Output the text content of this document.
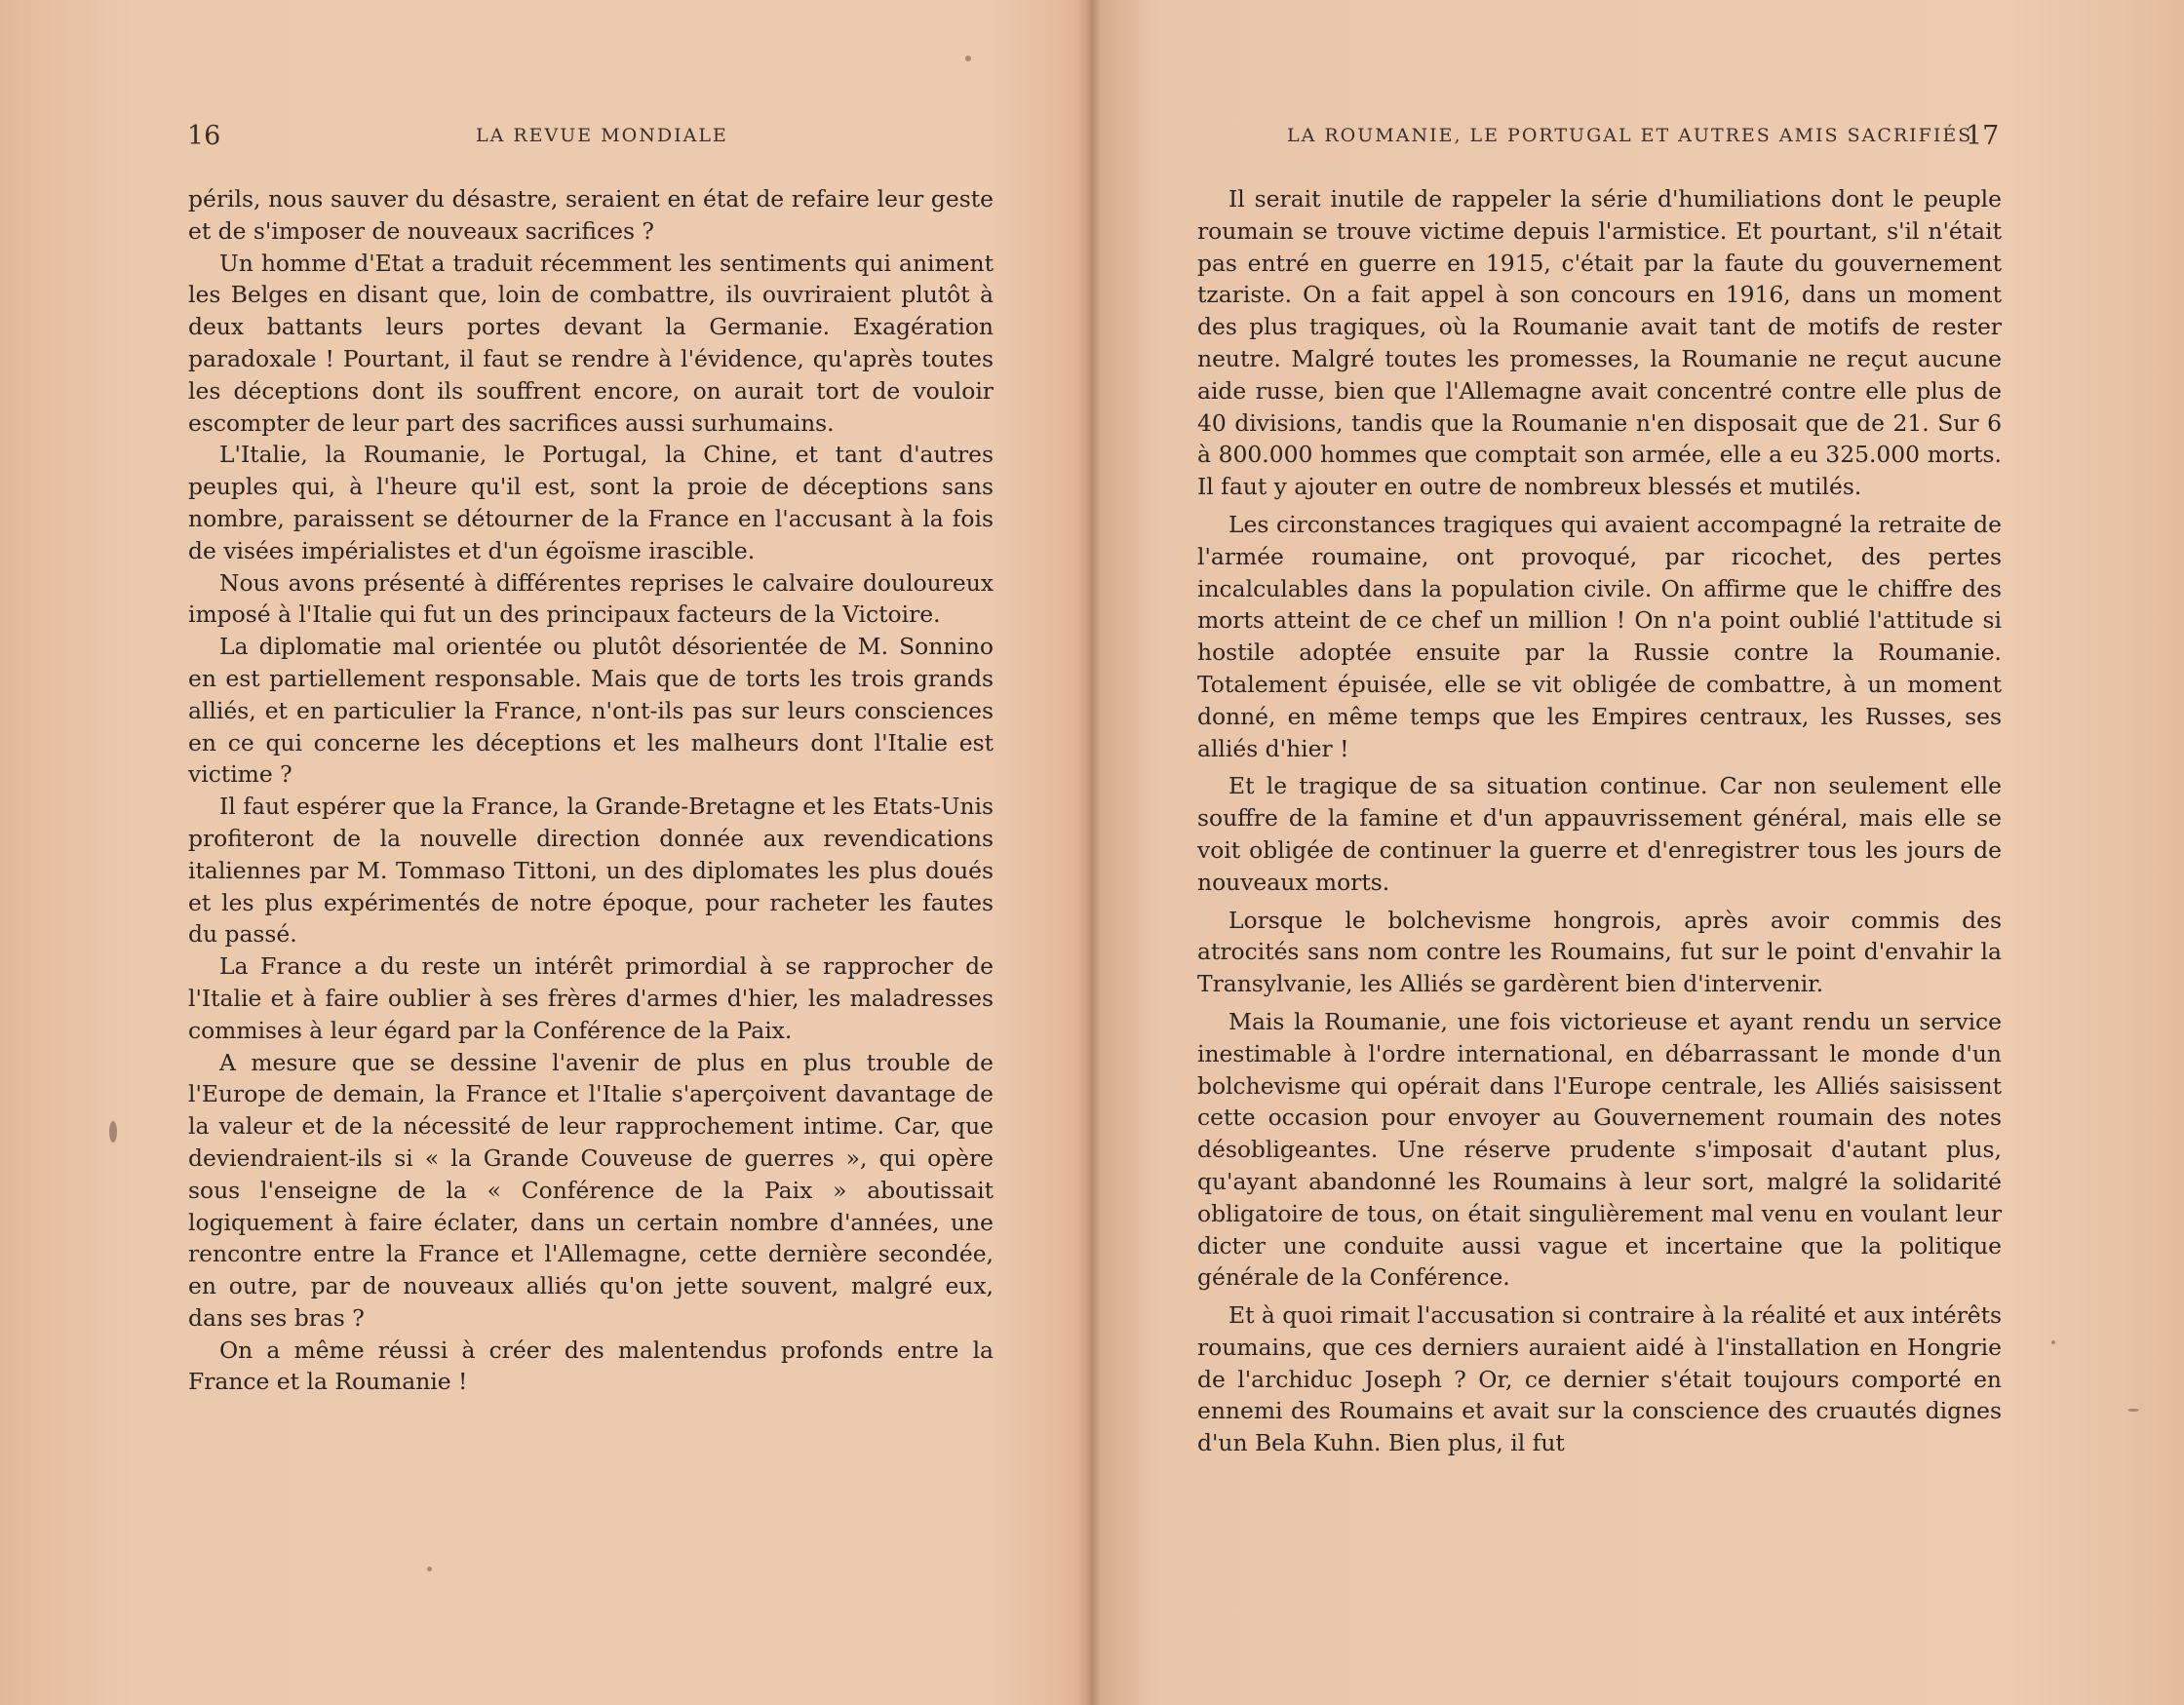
16	LA REVUE MONDIALE

périls, nous sauver du désastre, seraient en état de refaire leur geste et de s'imposer de nouveaux sacrifices ?

Un homme d'Etat a traduit récemment les sentiments qui animent les Belges en disant que, loin de combattre, ils ouvriraient plutôt à deux battants leurs portes devant la Germanie. Exagération paradoxale ! Pourtant, il faut se rendre à l'évidence, qu'après toutes les déceptions dont ils souffrent encore, on aurait tort de vouloir escompter de leur part des sacrifices aussi surhumains.

L'Italie, la Roumanie, le Portugal, la Chine, et tant d'autres peuples qui, à l'heure qu'il est, sont la proie de déceptions sans nombre, paraissent se détourner de la France en l'accusant à la fois de visées impérialistes et d'un égoïsme irascible.

Nous avons présenté à différentes reprises le calvaire douloureux imposé à l'Italie qui fut un des principaux facteurs de la Victoire.

La diplomatie mal orientée ou plutôt désorientée de M. Sonnino en est partiellement responsable. Mais que de torts les trois grands alliés, et en particulier la France, n'ont-ils pas sur leurs consciences en ce qui concerne les déceptions et les malheurs dont l'Italie est victime ?

Il faut espérer que la France, la Grande-Bretagne et les Etats-Unis profiteront de la nouvelle direction donnée aux revendications italiennes par M. Tommaso Tittoni, un des diplomates les plus doués et les plus expérimentés de notre époque, pour racheter les fautes du passé.

La France a du reste un intérêt primordial à se rapprocher de l'Italie et à faire oublier à ses frères d'armes d'hier, les maladresses commises à leur égard par la Conférence de la Paix.

A mesure que se dessine l'avenir de plus en plus trouble de l'Europe de demain, la France et l'Italie s'aperçoivent davantage de la valeur et de la nécessité de leur rapprochement intime. Car, que deviendraient-ils si « la Grande Couveuse de guerres », qui opère sous l'enseigne de la « Conférence de la Paix » aboutissait logiquement à faire éclater, dans un certain nombre d'années, une rencontre entre la France et l'Allemagne, cette dernière secondée, en outre, par de nouveaux alliés qu'on jette souvent, malgré eux, dans ses bras ?

On a même réussi à créer des malentendus profonds entre la France et la Roumanie !

LA ROUMANIE, LE PORTUGAL ET AUTRES AMIS SACRIFIÉS
17

Il serait inutile de rappeler la série d'humiliations dont le peuple roumain se trouve victime depuis l'armistice. Et pourtant, s'il n'était pas entré en guerre en 1915, c'était par la faute du gouvernement tzariste. On a fait appel à son concours en 1916, dans un moment des plus tragiques, où la Roumanie avait tant de motifs de rester neutre. Malgré toutes les promesses, la Roumanie ne reçut aucune aide russe, bien que l'Allemagne avait concentré contre elle plus de 40 divisions, tandis que la Roumanie n'en disposait que de 21. Sur 6 à 800.000 hommes que comptait son armée, elle a eu 325.000 morts. Il faut y ajouter en outre de nombreux blessés et mutilés.

Les circonstances tragiques qui avaient accompagné la retraite de l'armée roumaine, ont provoqué, par ricochet, des pertes incalculables dans la population civile. On affirme que le chiffre des morts atteint de ce chef un million ! On n'a point oublié l'attitude si hostile adoptée ensuite par la Russie contre la Roumanie. Totalement épuisée, elle se vit obligée de combattre, à un moment donné, en même temps que les Empires centraux, les Russes, ses alliés d'hier !

Et le tragique de sa situation continue. Car non seulement elle souffre de la famine et d'un appauvrissement général, mais elle se voit obligée de continuer la guerre et d'enregistrer tous les jours de nouveaux morts.

Lorsque le bolchevisme hongrois, après avoir commis des atrocités sans nom contre les Roumains, fut sur le point d'envahir la Transylvanie, les Alliés se gardèrent bien d'intervenir.

Mais la Roumanie, une fois victorieuse et ayant rendu un service inestimable à l'ordre international, en débarrassant le monde d'un bolchevisme qui opérait dans l'Europe centrale, les Alliés saisissent cette occasion pour envoyer au Gouvernement roumain des notes désobligeantes. Une réserve prudente s'imposait d'autant plus, qu'ayant abandonné les Roumains à leur sort, malgré la solidarité obligatoire de tous, on était singulièrement mal venu en voulant leur dicter une conduite aussi vague et incertaine que la politique générale de la Conférence.

Et à quoi rimait l'accusation si contraire à la réalité et aux intérêts roumains, que ces derniers auraient aidé à l'installation en Hongrie de l'archiduc Joseph ? Or, ce dernier s'était toujours comporté en ennemi des Roumains et avait sur la conscience des cruautés dignes d'un Bela Kuhn. Bien plus, il fut
